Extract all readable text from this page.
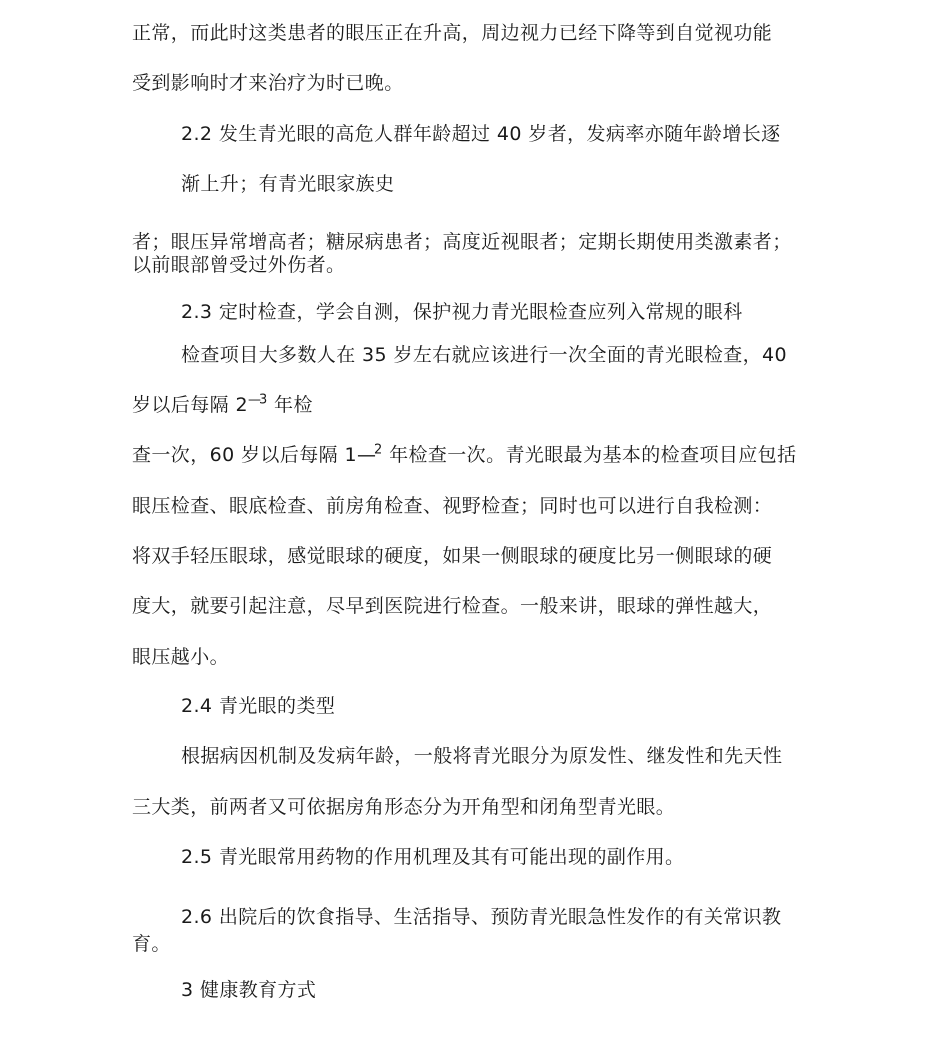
正常，而此时这类患者的眼压正在升高，周边视力已经下降等到自觉视功能
受到影响时才来治疗为时已晚。
2.2 发生青光眼的高危人群年龄超过 40 岁者，发病率亦随年龄增长逐
渐上升；有青光眼家族史
者；眼压异常增高者；糖尿病患者；高度近视眼者；定期长期使用类激素者；
以前眼部曾受过外伤者。
2.3 定时检查，学会自测，保护视力青光眼检查应列入常规的眼科
检查项目大多数人在 35 岁左右就应该进行一次全面的青光眼检查，40
岁以后每隔 $2^{—3}$ 年检
查一次，60 岁以后每隔 1—$^2$ 年检查一次。青光眼最为基本的检查项目应包括
眼压检查、眼底检查、前房角检查、视野检查；同时也可以进行自我检测：
将双手轻压眼球，感觉眼球的硬度，如果一侧眼球的硬度比另一侧眼球的硬
度大，就要引起注意，尽早到医院进行检查。一般来讲，眼球的弹性越大，
眼压越小。
2.4 青光眼的类型
根据病因机制及发病年龄，一般将青光眼分为原发性、继发性和先天性
三大类，前两者又可依据房角形态分为开角型和闭角型青光眼。
2.5 青光眼常用药物的作用机理及其有可能出现的副作用。
2.6 出院后的饮食指导、生活指导、预防青光眼急性发作的有关常识教
育。
3 健康教育方式
